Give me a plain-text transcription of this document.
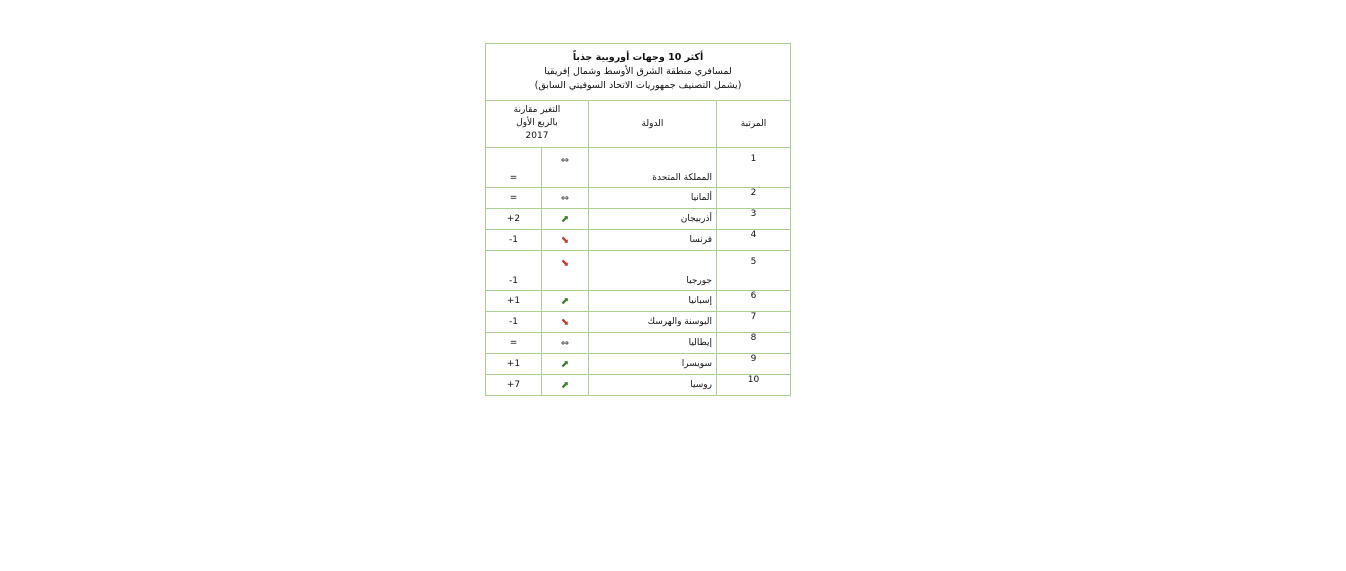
أكثر 10 وجهات أوروبية جذباً
لمسافري منطقة الشرق الأوسط وشمال إفريقيا
(يشمل التصنيف جمهوريات الاتحاد السوفيتي السابق)			

التغير مقارنة
بالربع الأول
2017		الدولة	المرتبة
=	⇔	المملكة المتحدة	1
=	⇔	ألمانيا	2
+2	⬈	أذربيجان	3
-1	⬊	فرنسا	4
-1	⬊	جورجيا	5
+1	⬈	إسبانيا	6
-1	⬊	البوسنة والهرسك	7
=	⇔	إيطاليا	8
+1	⬈	سويسرا	9
+7	⬈	روسيا	10
